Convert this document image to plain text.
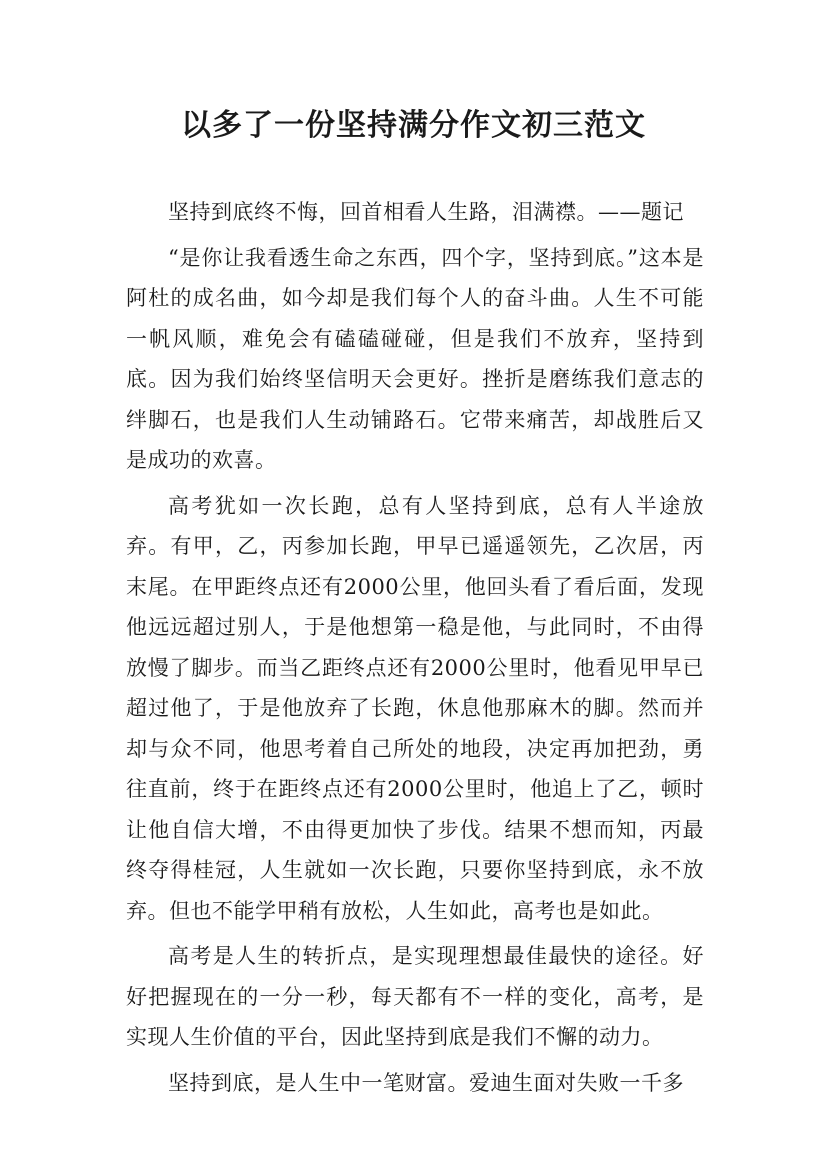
以多了一份坚持满分作文初三范文

坚持到底终不悔，回首相看人生路，泪满襟。——题记

“是你让我看透生命之东西，四个字，坚持到底。”这本是阿杜的成名曲，如今却是我们每个人的奋斗曲。人生不可能一帆风顺，难免会有磕磕碰碰，但是我们不放弃，坚持到底。因为我们始终坚信明天会更好。挫折是磨练我们意志的绊脚石，也是我们人生动铺路石。它带来痛苦，却战胜后又是成功的欢喜。

高考犹如一次长跑，总有人坚持到底，总有人半途放弃。有甲，乙，丙参加长跑，甲早已遥遥领先，乙次居，丙末尾。在甲距终点还有2000公里，他回头看了看后面，发现他远远超过别人，于是他想第一稳是他，与此同时，不由得放慢了脚步。而当乙距终点还有2000公里时，他看见甲早已超过他了，于是他放弃了长跑，休息他那麻木的脚。然而并却与众不同，他思考着自己所处的地段，决定再加把劲，勇往直前，终于在距终点还有2000公里时，他追上了乙，顿时让他自信大增，不由得更加快了步伐。结果不想而知，丙最终夺得桂冠，人生就如一次长跑，只要你坚持到底，永不放弃。但也不能学甲稍有放松，人生如此，高考也是如此。

高考是人生的转折点，是实现理想最佳最快的途径。好好把握现在的一分一秒，每天都有不一样的变化，高考，是实现人生价值的平台，因此坚持到底是我们不懈的动力。

坚持到底，是人生中一笔财富。爱迪生面对失败一千多
